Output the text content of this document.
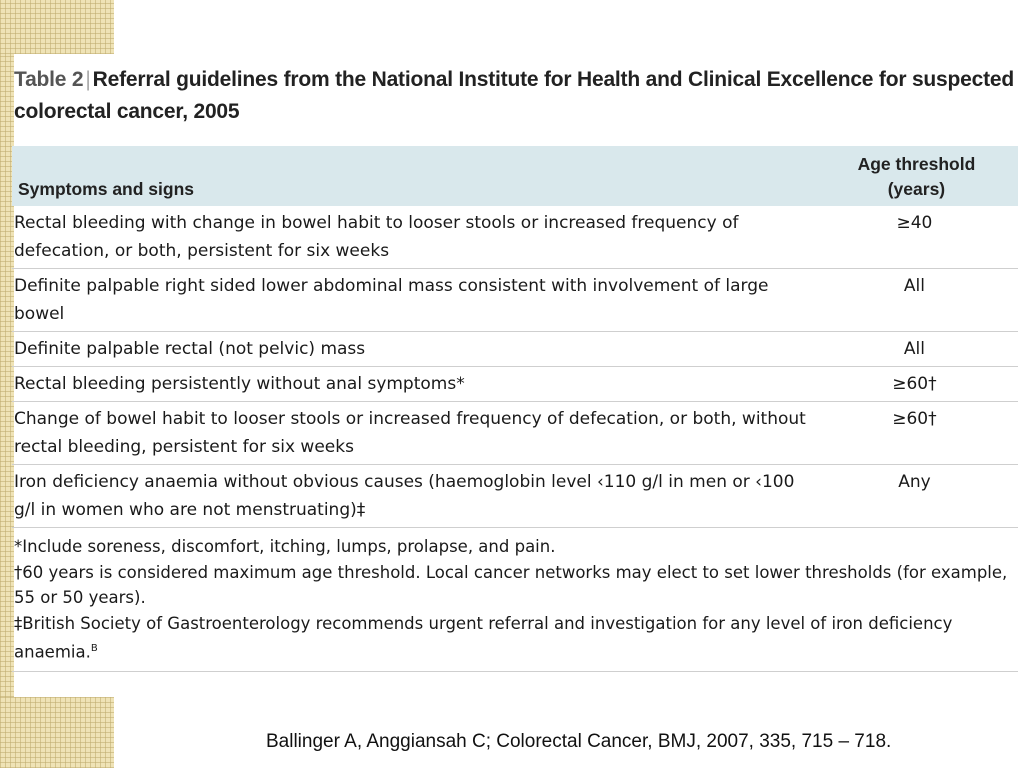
Table 2|Referral guidelines from the National Institute for Health and Clinical Excellence for suspected colorectal cancer, 2005
Symptoms and signs	Age threshold
(years)
Rectal bleeding with change in bowel habit to looser stools or increased frequency of defecation, or both, persistent for six weeks	≥40
Definite palpable right sided lower abdominal mass consistent with involvement of large bowel	All
Definite palpable rectal (not pelvic) mass	All
Rectal bleeding persistently without anal symptoms*	≥60†
Change of bowel habit to looser stools or increased frequency of defecation, or both, without rectal bleeding, persistent for six weeks	≥60†
Iron deficiency anaemia without obvious causes (haemoglobin level ‹110 g/l in men or ‹100 g/l in women who are not menstruating)‡	Any
*Include soreness, discomfort, itching, lumps, prolapse, and pain.
†60 years is considered maximum age threshold. Local cancer networks may elect to set lower thresholds (for example, 55 or 50 years).
‡British Society of Gastroenterology recommends urgent referral and investigation for any level of iron deficiency anaemia.$^B$
Ballinger A, Anggiansah C; Colorectal Cancer, BMJ, 2007, 335, 715 – 718.
